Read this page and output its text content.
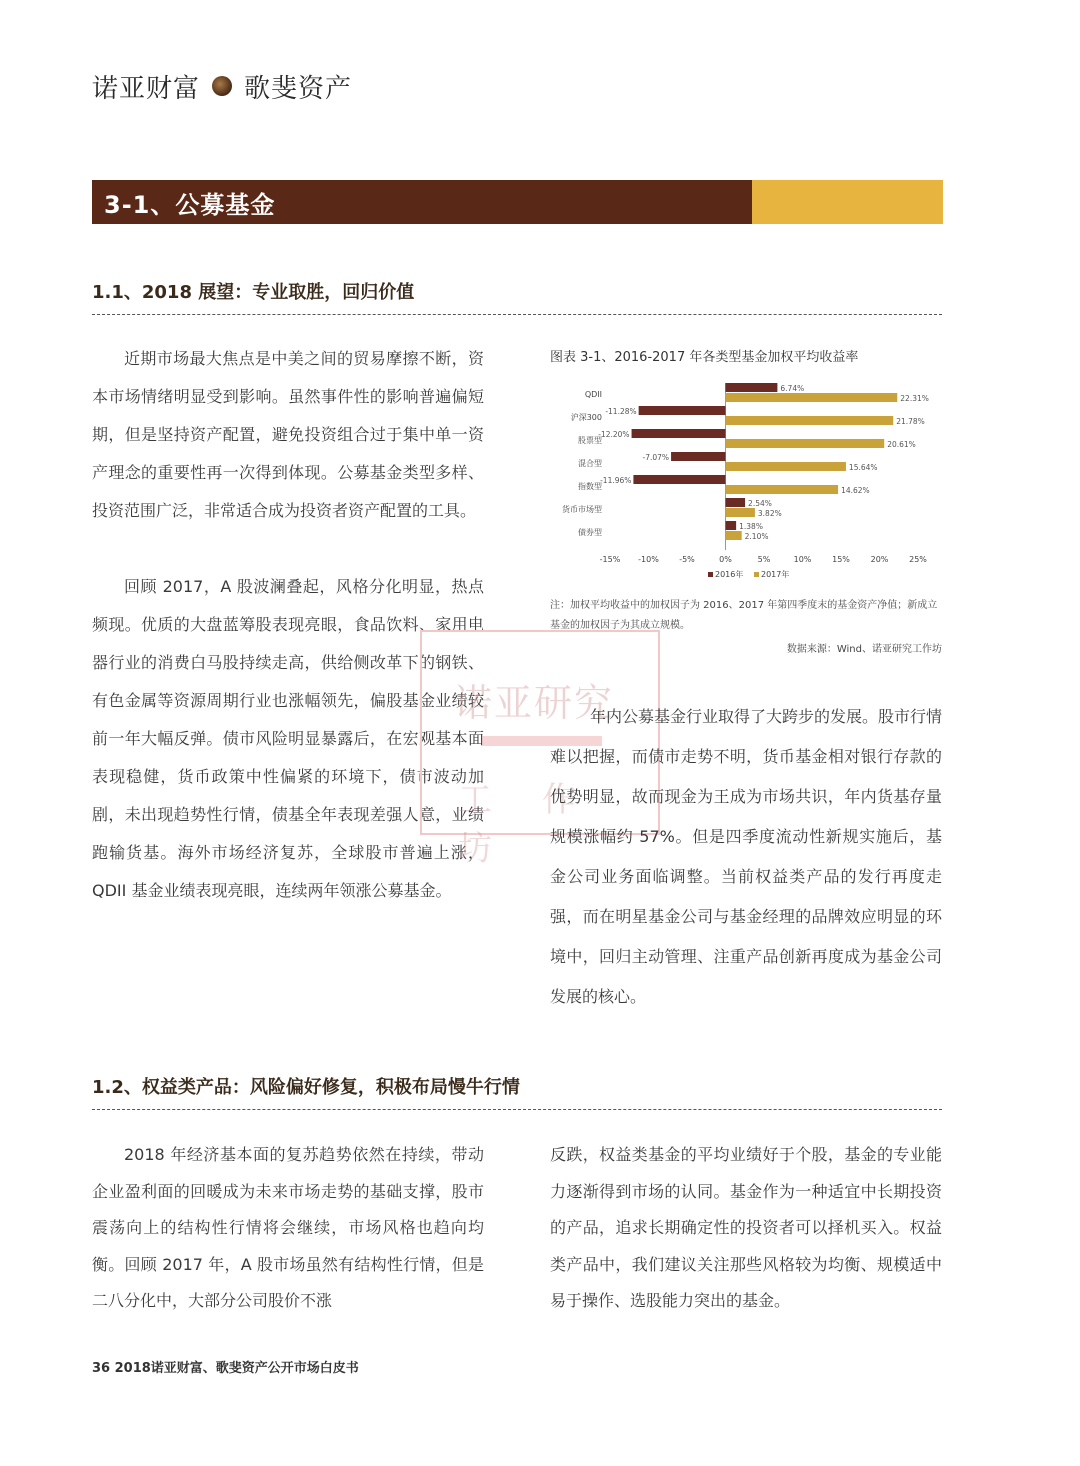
诺亚财富 歌斐资产
3-1、公募基金
1.1、2018 展望：专业取胜，回归价值

近期市场最大焦点是中美之间的贸易摩擦不断，资本市场情绪明显受到影响。虽然事件性的影响普遍偏短期，但是坚持资产配置，避免投资组合过于集中单一资产理念的重要性再一次得到体现。公募基金类型多样、投资范围广泛，非常适合成为投资者资产配置的工具。

回顾 2017，A 股波澜叠起，风格分化明显，热点频现。优质的大盘蓝筹股表现亮眼，食品饮料、家用电器行业的消费白马股持续走高，供给侧改革下的钢铁、有色金属等资源周期行业也涨幅领先，偏股基金业绩较前一年大幅反弹。债市风险明显暴露后，在宏观基本面表现稳健，货币政策中性偏紧的环境下，债市波动加剧，未出现趋势性行情，债基全年表现差强人意，业绩跑输货基。海外市场经济复苏，全球股市普遍上涨，QDII 基金业绩表现亮眼，连续两年领涨公募基金。

图表 3-1、2016-2017 年各类型基金加权平均收益率
QDII
6.74%
22.31%
沪深300
-11.28%
21.78%
股票型
-12.20%
20.61%
混合型
-7.07%
15.64%
指数型
-11.96%
14.62%
货币市场型
2.54%
3.82%
债券型
1.38%
2.10%
-15% -10%	-5%	0%	5%	10%	15%	20%	25%
2016年 2017年

注：加权平均收益中的加权因子为 2016、2017 年第四季度末的基金资产净值；新成立基金的加权因子为其成立规模。

数据来源：Wind、诺亚研究工作坊
诺亚研究
工作坊

年内公募基金行业取得了大跨步的发展。股市行情难以把握，而债市走势不明，货币基金相对银行存款的优势明显，故而现金为王成为市场共识，年内货基存量规模涨幅约 57%。但是四季度流动性新规实施后，基金公司业务面临调整。当前权益类产品的发行再度走强，而在明星基金公司与基金经理的品牌效应明显的环境中，回归主动管理、注重产品创新再度成为基金公司发展的核心。

1.2、权益类产品：风险偏好修复，积极布局慢牛行情

2018 年经济基本面的复苏趋势依然在持续，带动企业盈利面的回暖成为未来市场走势的基础支撑，股市震荡向上的结构性行情将会继续，市场风格也趋向均衡。回顾 2017 年，A 股市场虽然有结构性行情，但是二八分化中，大部分公司股价不涨

反跌，权益类基金的平均业绩好于个股，基金的专业能力逐渐得到市场的认同。基金作为一种适宜中长期投资的产品，追求长期确定性的投资者可以择机买入。权益类产品中，我们建议关注那些风格较为均衡、规模适中易于操作、选股能力突出的基金。

36 2018诺亚财富、歌斐资产公开市场白皮书
